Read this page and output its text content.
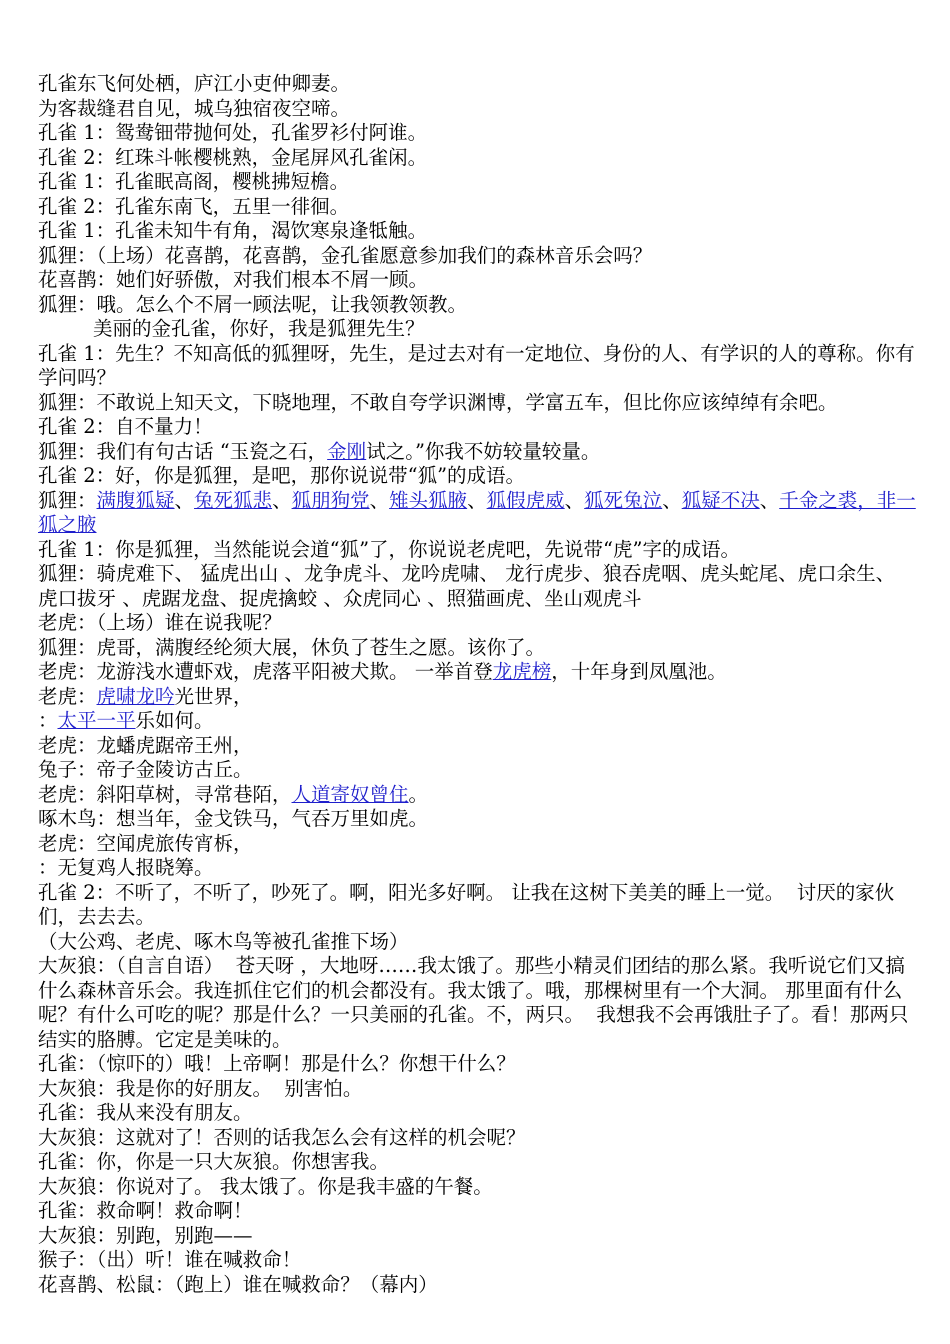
孔雀东飞何处栖，庐江小吏仲卿妻。
为客裁缝君自见，城乌独宿夜空啼。
孔雀 1：鸳鸯钿带抛何处，孔雀罗衫付阿谁。
孔雀 2：红珠斗帐樱桃熟，金尾屏风孔雀闲。
孔雀 1：孔雀眠高阁，樱桃拂短檐。
孔雀 2：孔雀东南飞，五里一徘徊。
孔雀 1：孔雀未知牛有角，渴饮寒泉逢牴触。
狐狸：（上场）花喜鹊，花喜鹊，金孔雀愿意参加我们的森林音乐会吗？
花喜鹊：她们好骄傲，对我们根本不屑一顾。
狐狸：哦。怎么个不屑一顾法呢，让我领教领教。
美丽的金孔雀，你好，我是狐狸先生？
孔雀 1：先生？不知高低的狐狸呀，先生，是过去对有一定地位、身份的人、有学识的人的尊称。你有学问吗？
狐狸：不敢说上知天文，下晓地理，不敢自夸学识渊博，学富五车，但比你应该绰绰有余吧。
孔雀 2：自不量力！
狐狸：我们有句古话 “玉瓷之石，金刚试之。”你我不妨较量较量。
孔雀 2：好，你是狐狸，是吧，那你说说带“狐”的成语。
狐狸：满腹狐疑、兔死狐悲、狐朋狗党、雉头狐腋、狐假虎威、狐死兔泣、狐疑不决、千金之裘，非一狐之腋
孔雀 1：你是狐狸，当然能说会道“狐”了，你说说老虎吧，先说带“虎”字的成语。
狐狸：骑虎难下、 猛虎出山 、龙争虎斗、龙吟虎啸、 龙行虎步、狼吞虎咽、虎头蛇尾、虎口余生、 虎口拔牙 、虎踞龙盘、捉虎擒蛟 、众虎同心 、照猫画虎、坐山观虎斗
老虎：（上场）谁在说我呢？
狐狸：虎哥，满腹经纶须大展，休负了苍生之愿。该你了。
老虎：龙游浅水遭虾戏，虎落平阳被犬欺。 一举首登龙虎榜，十年身到凤凰池。
老虎：虎啸龙吟光世界，
：太平一平乐如何。
老虎：龙蟠虎踞帝王州，
兔子：帝子金陵访古丘。
老虎：斜阳草树，寻常巷陌，人道寄奴曾住。
啄木鸟：想当年，金戈铁马，气吞万里如虎。
老虎：空闻虎旅传宵柝，
：无复鸡人报晓筹。
孔雀 2：不听了，不听了，吵死了。啊，阳光多好啊。 让我在这树下美美的睡上一觉。  讨厌的家伙们，去去去。
（大公鸡、老虎、啄木鸟等被孔雀推下场）
大灰狼：（自言自语）  苍天呀 ，大地呀……我太饿了。那些小精灵们团结的那么紧。我听说它们又搞什么森林音乐会。我连抓住它们的机会都没有。我太饿了。哦，那棵树里有一个大洞。 那里面有什么呢？有什么可吃的呢？那是什么？一只美丽的孔雀。不，两只。  我想我不会再饿肚子了。看！那两只结实的胳膊。它定是美味的。
孔雀：（惊吓的）哦！上帝啊！那是什么？你想干什么？
大灰狼：我是你的好朋友。  别害怕。
孔雀：我从来没有朋友。
大灰狼：这就对了！否则的话我怎么会有这样的机会呢？
孔雀：你，你是一只大灰狼。你想害我。
大灰狼：你说对了。 我太饿了。你是我丰盛的午餐。
孔雀：救命啊！救命啊！
大灰狼：别跑，别跑——
猴子：（出）听！谁在喊救命！
花喜鹊、松鼠：（跑上）谁在喊救命？（幕内）
